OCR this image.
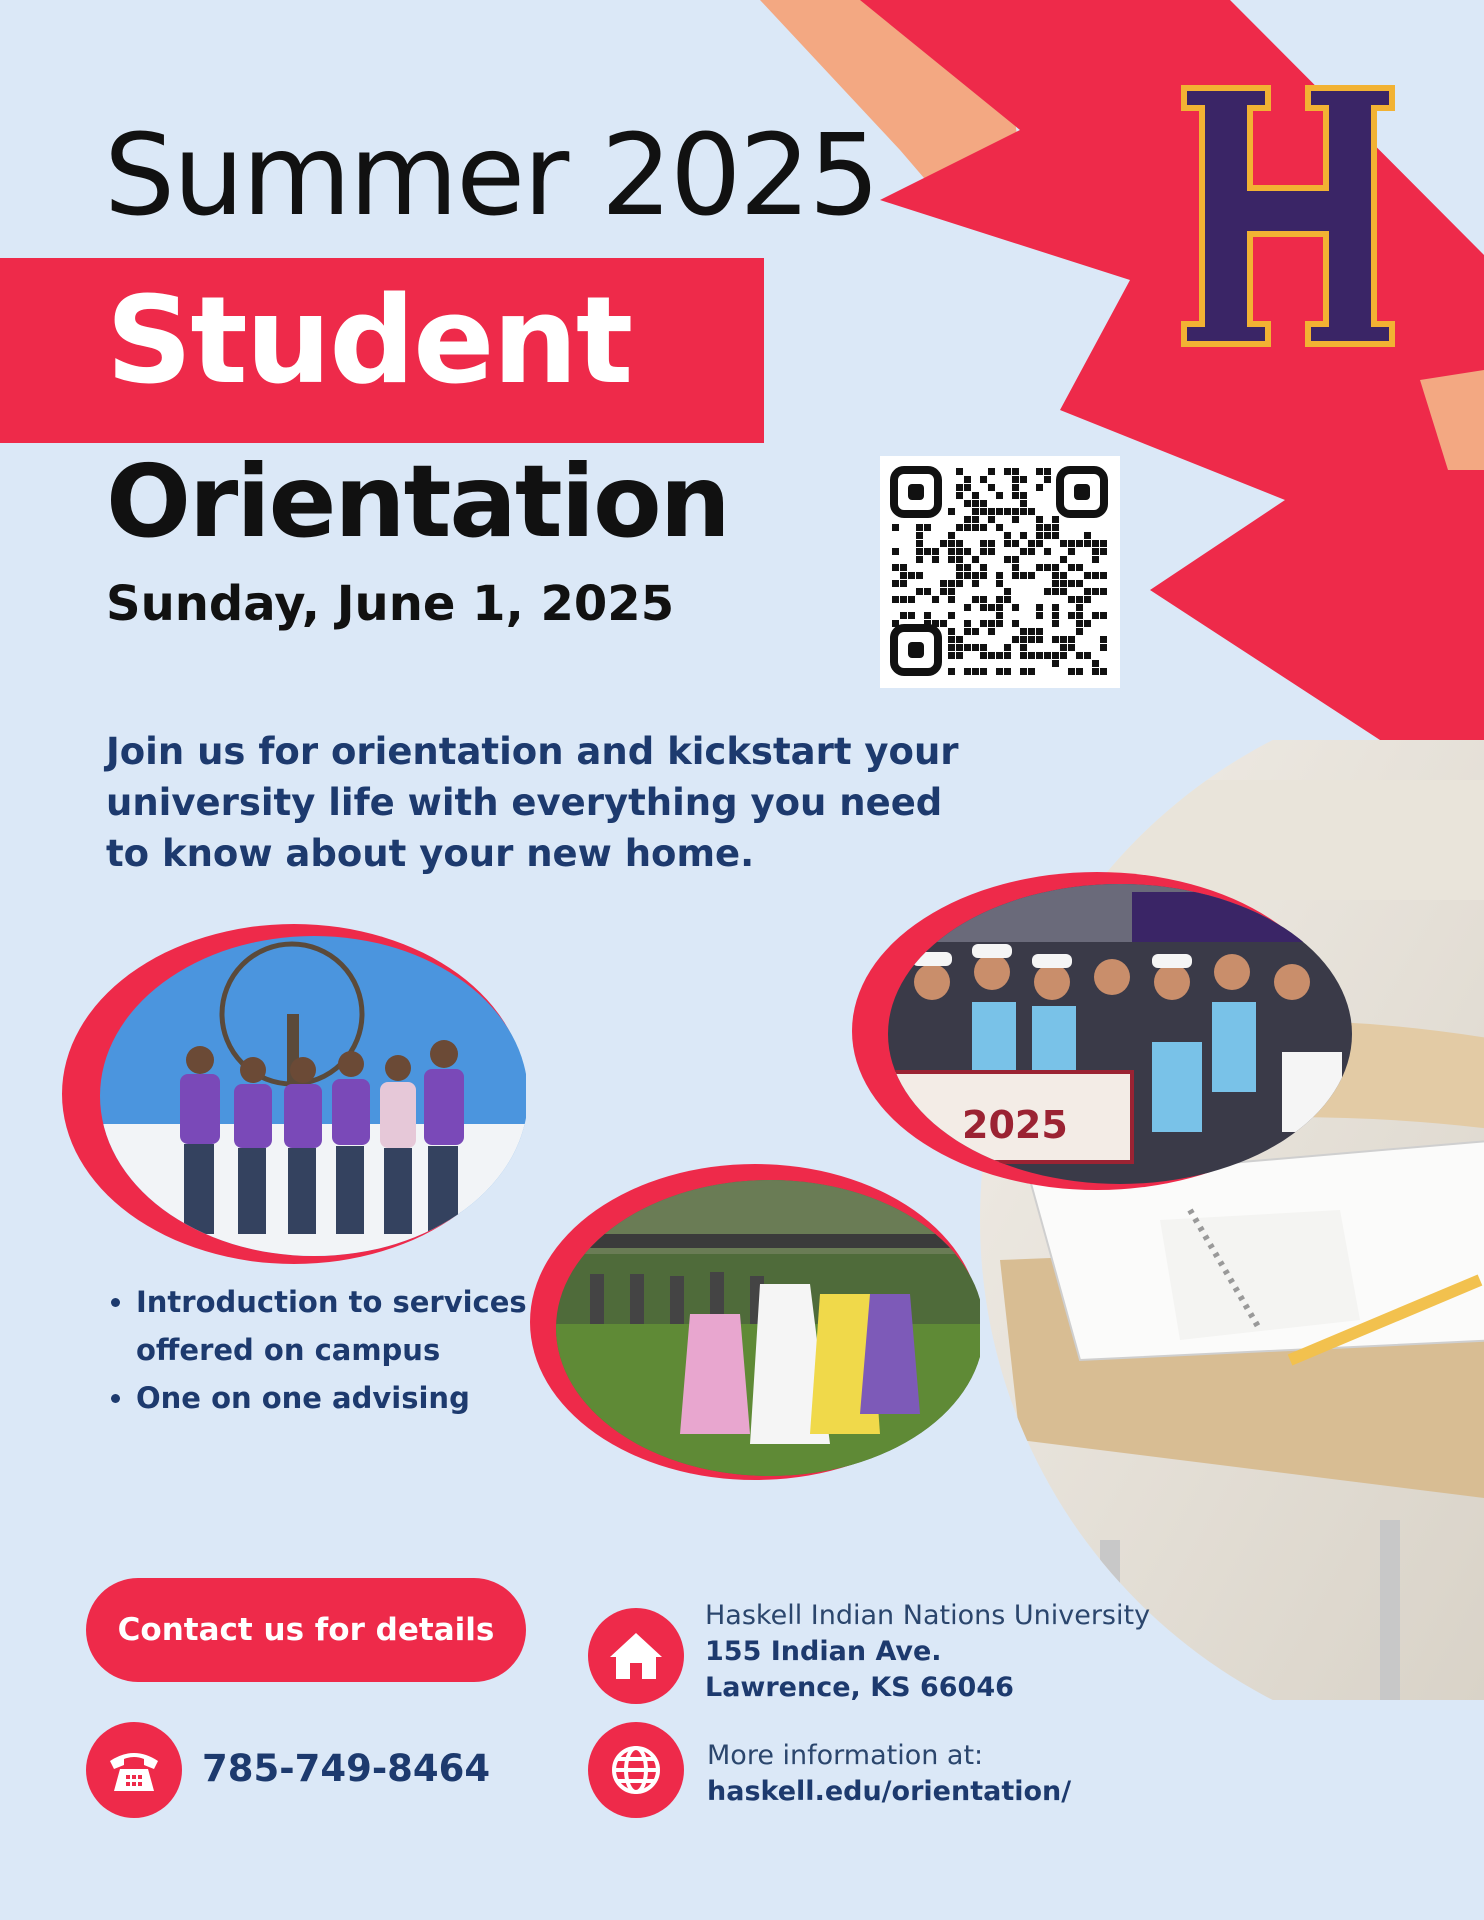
Summer 2025
Student
Orientation
Sunday, June 1, 2025
Join us for orientation and kickstart your university life with everything you need to know about your new home.
2025
• Introduction to services offered on campus
• One on one advising
Contact us for details
785-749-8464
Haskell Indian Nations University
155 Indian Ave.
Lawrence, KS 66046
More information at:
haskell.edu/orientation/
